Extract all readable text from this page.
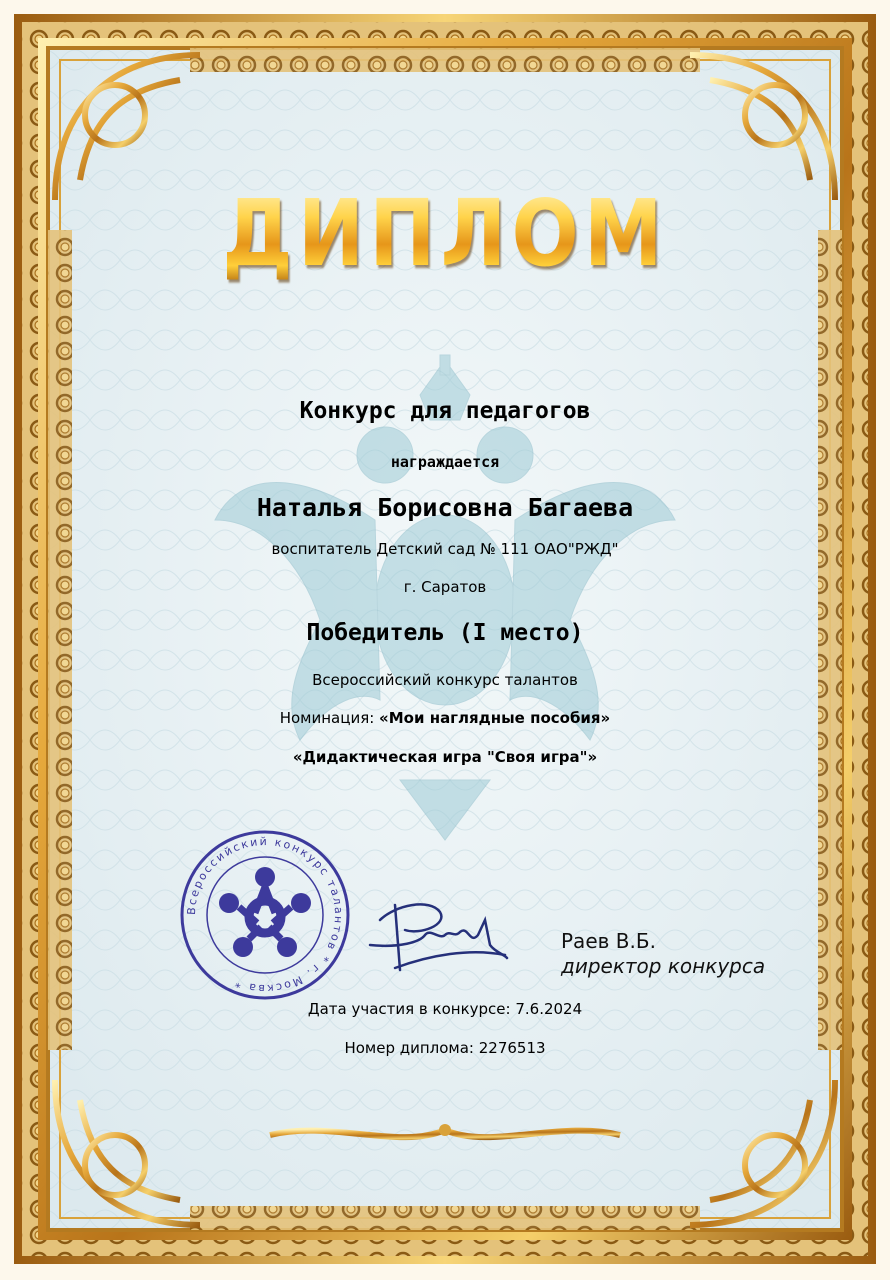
Всероссийский конкурс талантов * г. Москва *
ДИПЛОМ
Конкурс для педагогов
награждается
Наталья Борисовна Багаева
воспитатель Детский сад № 111 ОАО"РЖД"
г. Саратов
Победитель (I место)
Всероссийский конкурс талантов
Номинация: «Мои наглядные пособия»
«Дидактическая игра "Своя игра"»
Раев В.Б.
директор конкурса
Дата участия в конкурсе: 7.6.2024
Номер диплома: 2276513
